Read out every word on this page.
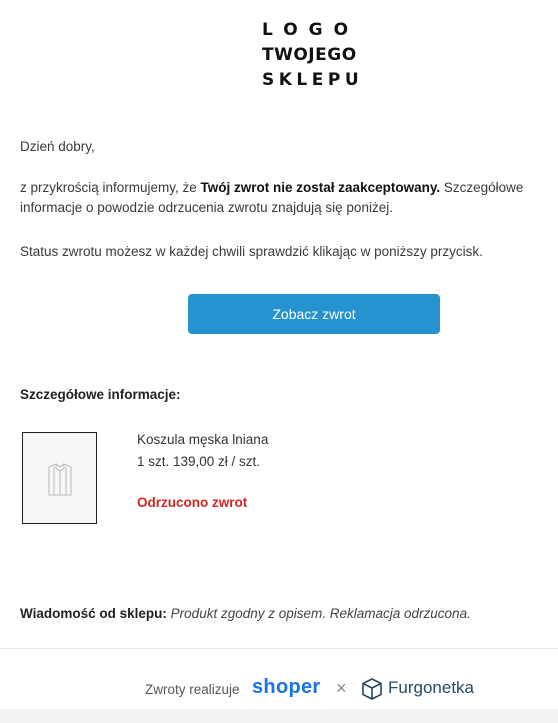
LOGO
TWOJEGO
SKLEPU
Dzień dobry,
z przykrością informujemy, że Twój zwrot nie został zaakceptowany. Szczegółowe informacje o powodzie odrzucenia zwrotu znajdują się poniżej.
Status zwrotu możesz w każdej chwili sprawdzić klikając w poniższy przycisk.
Zobacz zwrot
Szczegółowe informacje:
Koszula męska lniana
1 szt. 139,00 zł / szt.
Odrzucono zwrot
Wiadomość od sklepu: Produkt zgodny z opisem. Reklamacja odrzucona.
Zwroty realizuje shoper × Furgonetka
